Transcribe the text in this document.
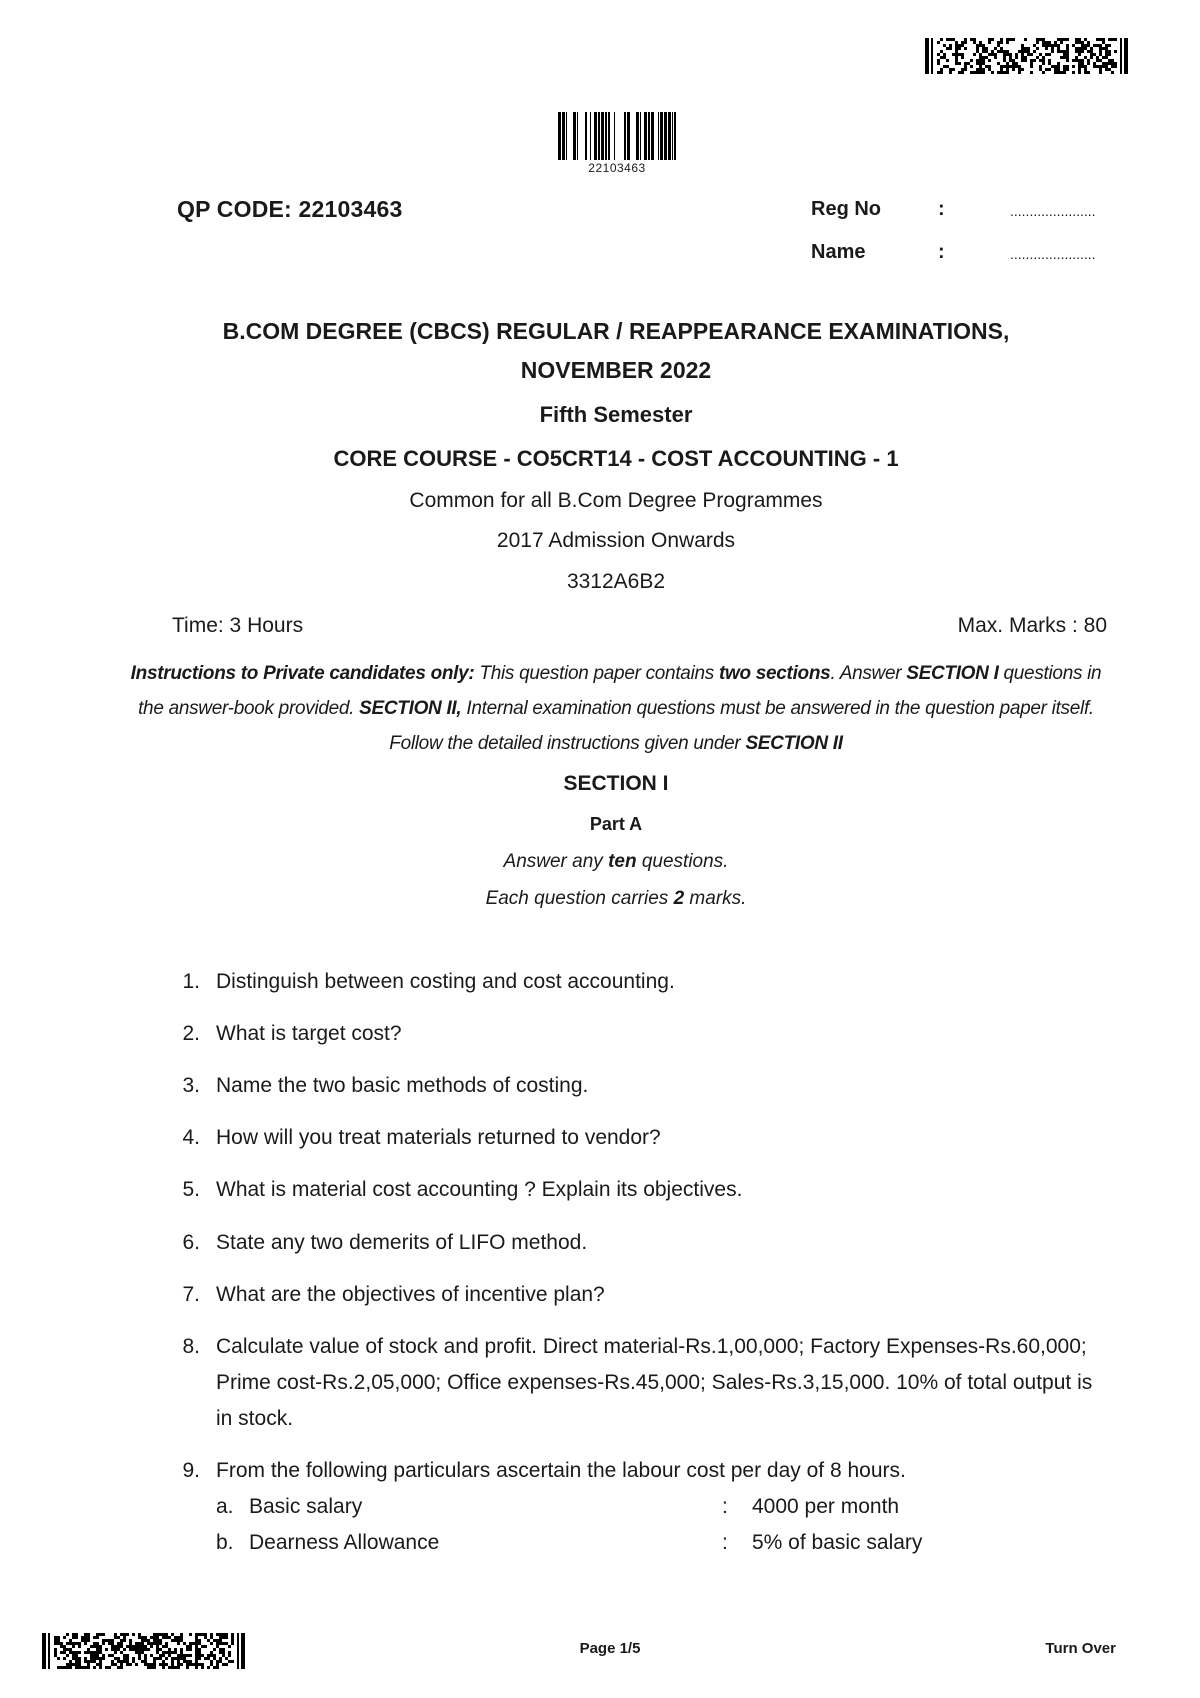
22103463
QP CODE: 22103463	Reg No	:	......................
Name	:	......................
B.COM DEGREE (CBCS) REGULAR / REAPPEARANCE EXAMINATIONS,
NOVEMBER 2022
Fifth Semester
CORE COURSE - CO5CRT14 - COST ACCOUNTING - 1
Common for all B.Com Degree Programmes
2017 Admission Onwards
3312A6B2
Time: 3 Hours	Max. Marks : 80
Instructions to Private candidates only: This question paper contains two sections. Answer SECTION I questions in the answer-book provided. SECTION II, Internal examination questions must be answered in the question paper itself. Follow the detailed instructions given under SECTION II
SECTION I
Part A
Answer any ten questions.
Each question carries 2 marks.
1. Distinguish between costing and cost accounting.
2. What is target cost?
3. Name the two basic methods of costing.
4. How will you treat materials returned to vendor?
5. What is material cost accounting ? Explain its objectives.
6. State any two demerits of LIFO method.
7. What are the objectives of incentive plan?
8. Calculate value of stock and profit. Direct material-Rs.1,00,000; Factory Expenses-Rs.60,000; Prime cost-Rs.2,05,000; Office expenses-Rs.45,000; Sales-Rs.3,15,000. 10% of total output is in stock.
9. From the following particulars ascertain the labour cost per day of 8 hours.
a. Basic salary	: 4000 per month
b. Dearness Allowance	: 5% of basic salary
Page 1/5	Turn Over
